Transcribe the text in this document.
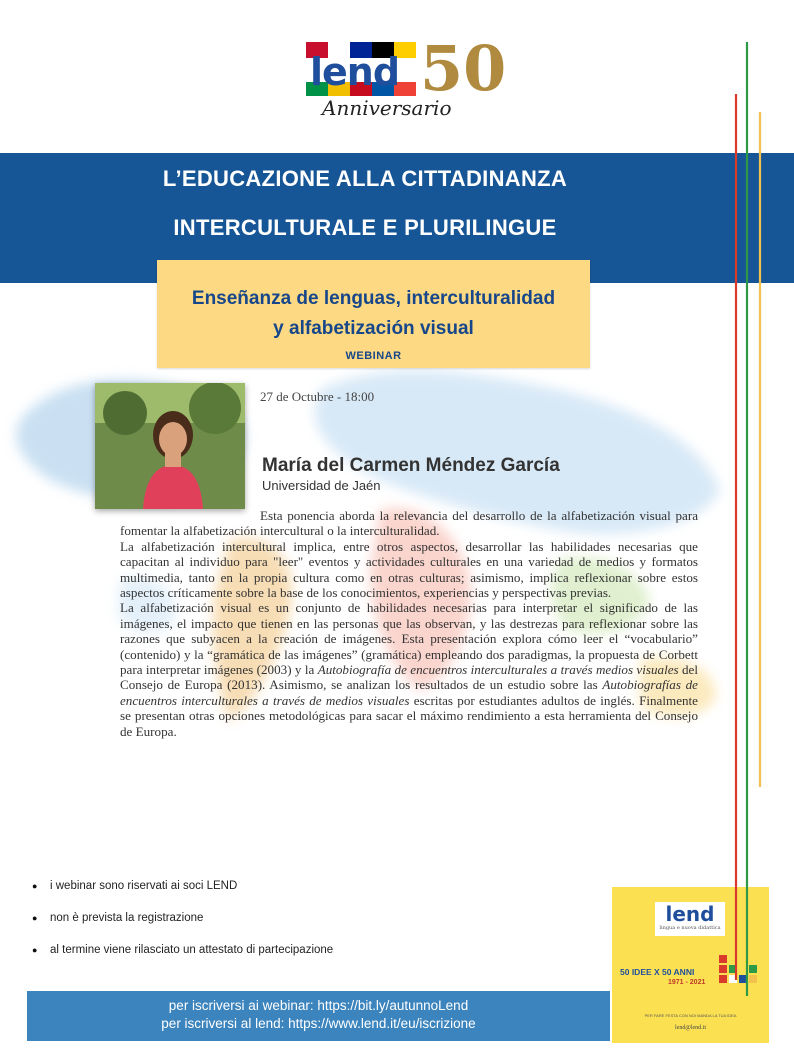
lend 50
Anniversario
L’EDUCAZIONE ALLA CITTADINANZA
INTERCULTURALE E PLURILINGUE
Enseñanza de lenguas, interculturalidad
y alfabetización visual
WEBINAR
27 de Octubre - 18:00
María del Carmen Méndez García
Universidad de Jaén

Esta ponencia aborda la relevancia del desarrollo de la alfabetización visual para fomentar la alfabetización intercultural o la interculturalidad.

La alfabetización intercultural implica, entre otros aspectos, desarrollar las habilidades necesarias que capacitan al individuo para "leer" eventos y actividades culturales en una variedad de medios y formatos multimedia, tanto en la propia cultura como en otras culturas; asimismo, implica reflexionar sobre estos aspectos críticamente sobre la base de los conocimientos, experiencias y perspectivas previas.

La alfabetización visual es un conjunto de habilidades necesarias para interpretar el significado de las imágenes, el impacto que tienen en las personas que las observan, y las destrezas para reflexionar sobre las razones que subyacen a la creación de imágenes. Esta presentación explora cómo leer el “vocabulario” (contenido) y la “gramática de las imágenes” (gramática) empleando dos paradigmas, la propuesta de Corbett para interpretar imágenes (2003) y la Autobiografía de encuentros interculturales a través medios visuales del Consejo de Europa (2013). Asimismo, se analizan los resultados de un estudio sobre las Autobiografías de encuentros interculturales a través de medios visuales escritas por estudiantes adultos de inglés. Finalmente se presentan otras opciones metodológicas para sacar el máximo rendimiento a esta herramienta del Consejo de Europa.

● i webinar sono riservati ai soci LEND
● non è prevista la registrazione
● al termine viene rilasciato un attestato di partecipazione
per iscriversi ai webinar: https://bit.ly/autunnoLend
per iscriversi al lend: https://www.lend.it/eu/iscrizione
lend
lingua e nuova didattica
50 IDEE X 50 ANNI
1971 - 2021
PER FARE FESTA CON NOI MANDA LA TUA IDEA
lend@lend.it
